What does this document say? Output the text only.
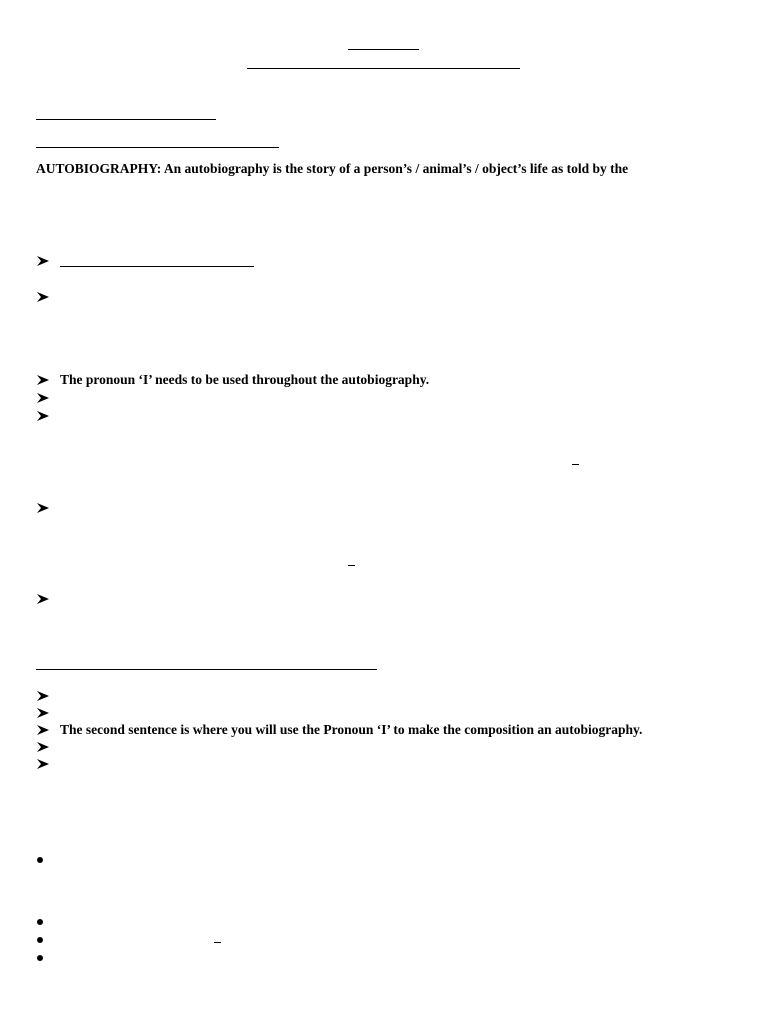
AUTOBIOGRAPHY: An autobiography is the story of a person’s / animal’s / object’s life as told by the
The pronoun ‘I’ needs to be used throughout the autobiography.
The second sentence is where you will use the Pronoun ‘I’ to make the composition an autobiography.
